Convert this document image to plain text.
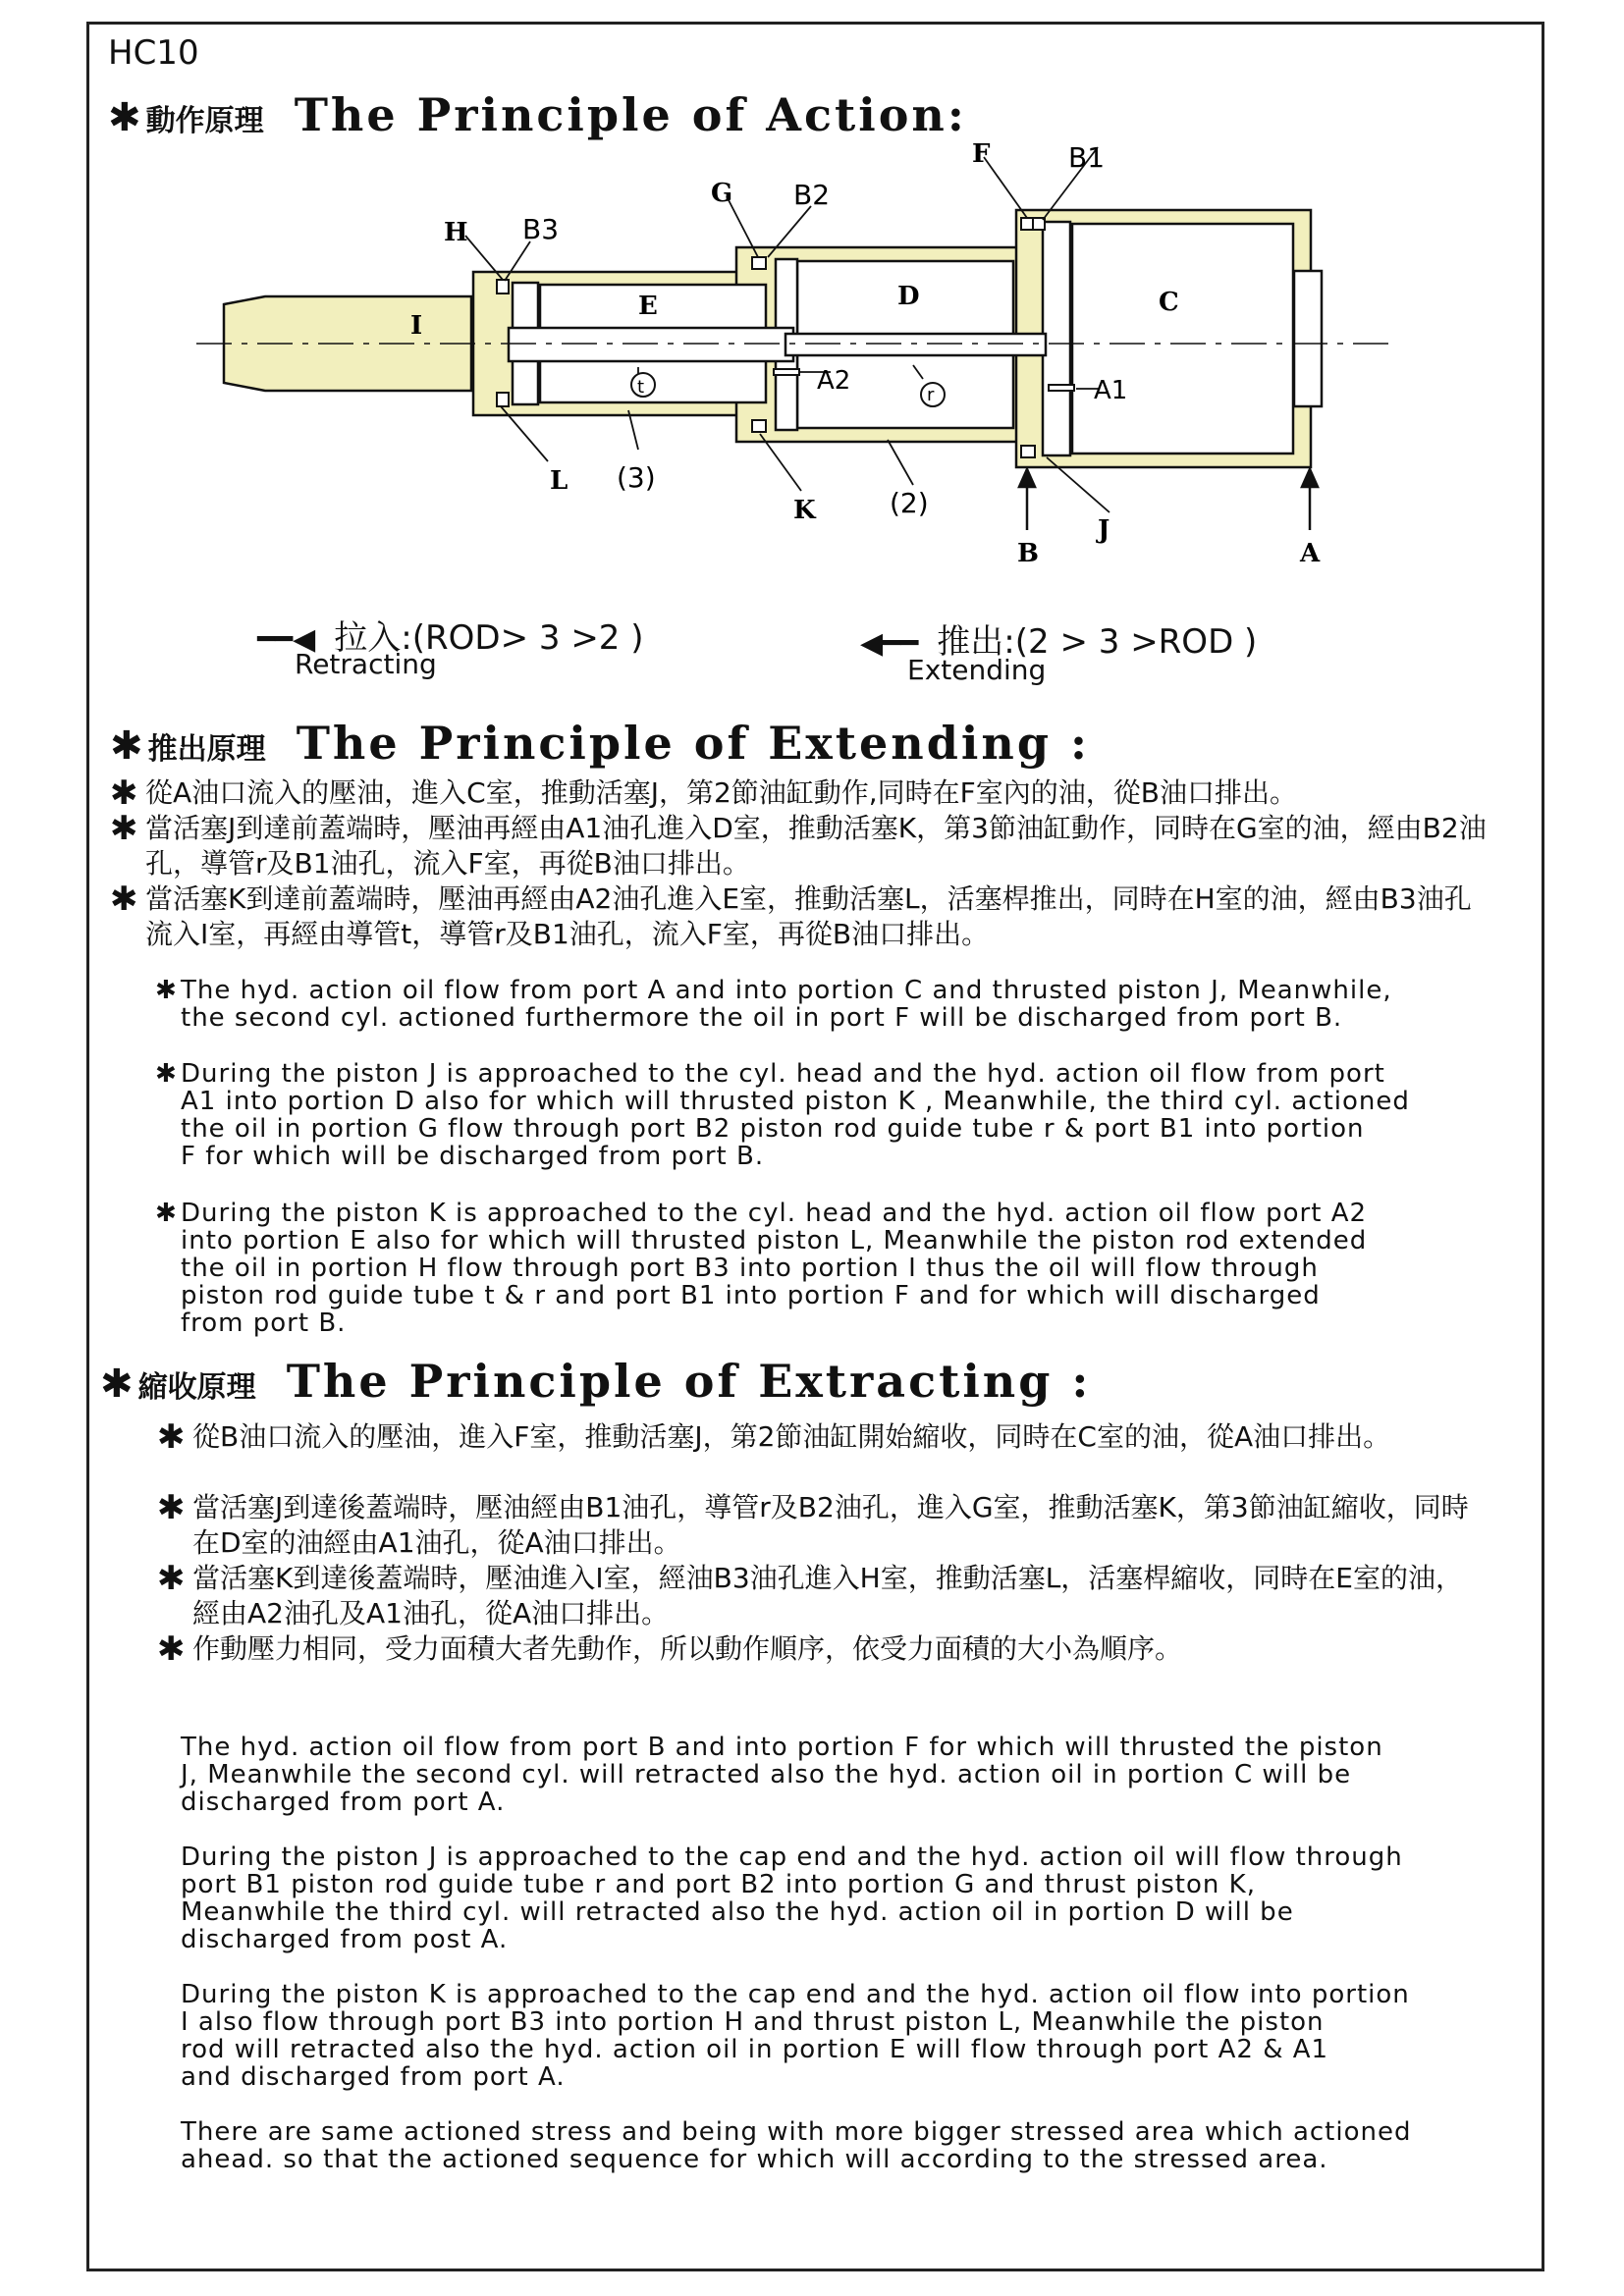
HC10
✱ 動作原理 The Principle of Action:
F	B1
G B2
H B3
I
E	D	C
t	r
A2	A1
L (3)
K	(2)
J
B	A
━━◀ 拉入:(ROD> 3 >2 )
Retracting
◀━━ 推出:(2 > 3 >ROD )
Extending
✱ 推出原理 The Principle of Extending :
✱ 從A油口流入的壓油，進入C室，推動活塞J，第2節油缸動作,同時在F室內的油，從B油口排出。
✱ 當活塞J到達前蓋端時，壓油再經由A1油孔進入D室，推動活塞K，第3節油缸動作，同時在G室的油，經由B2油孔，導管r及B1油孔，流入F室，再從B油口排出。
✱ 當活塞K到達前蓋端時，壓油再經由A2油孔進入E室，推動活塞L，活塞桿推出，同時在H室的油，經由B3油孔流入I室，再經由導管t，導管r及B1油孔，流入F室，再從B油口排出。
✱ The hyd. action oil flow from port A and into portion C and thrusted piston J, Meanwhile,
the second cyl. actioned furthermore the oil in port F will be discharged from port B.
✱ During the piston J is approached to the cyl. head and the hyd. action oil flow from port
A1 into portion D also for which will thrusted piston K , Meanwhile, the third cyl. actioned
the oil in portion G flow through port B2 piston rod guide tube r & port B1 into portion
F for which will be discharged from port B.
✱ During the piston K is approached to the cyl. head and the hyd. action oil flow port A2
into portion E also for which will thrusted piston L, Meanwhile the piston rod extended
the oil in portion H flow through port B3 into portion I thus the oil will flow through
piston rod guide tube t & r and port B1 into portion F and for which will discharged
from port B.
✱ 縮收原理 The Principle of Extracting :
✱ 從B油口流入的壓油，進入F室，推動活塞J，第2節油缸開始縮收，同時在C室的油，從A油口排出。
✱ 當活塞J到達後蓋端時，壓油經由B1油孔，導管r及B2油孔，進入G室，推動活塞K，第3節油缸縮收，同時在D室的油經由A1油孔，從A油口排出。
✱ 當活塞K到達後蓋端時，壓油進入I室，經油B3油孔進入H室，推動活塞L，活塞桿縮收，同時在E室的油，經由A2油孔及A1油孔，從A油口排出。
✱ 作動壓力相同，受力面積大者先動作，所以動作順序，依受力面積的大小為順序。
The hyd. action oil flow from port B and into portion F for which will thrusted the piston
J, Meanwhile the second cyl. will retracted also the hyd. action oil in portion C will be
discharged from port A.
During the piston J is approached to the cap end and the hyd. action oil will flow through
port B1 piston rod guide tube r and port B2 into portion G and thrust piston K,
Meanwhile the third cyl. will retracted also the hyd. action oil in portion D will be
discharged from post A.
During the piston K is approached to the cap end and the hyd. action oil flow into portion
I also flow through port B3 into portion H and thrust piston L, Meanwhile the piston
rod will retracted also the hyd. action oil in portion E will flow through port A2 & A1
and discharged from port A.
There are same actioned stress and being with more bigger stressed area which actioned
ahead. so that the actioned sequence for which will according to the stressed area.
